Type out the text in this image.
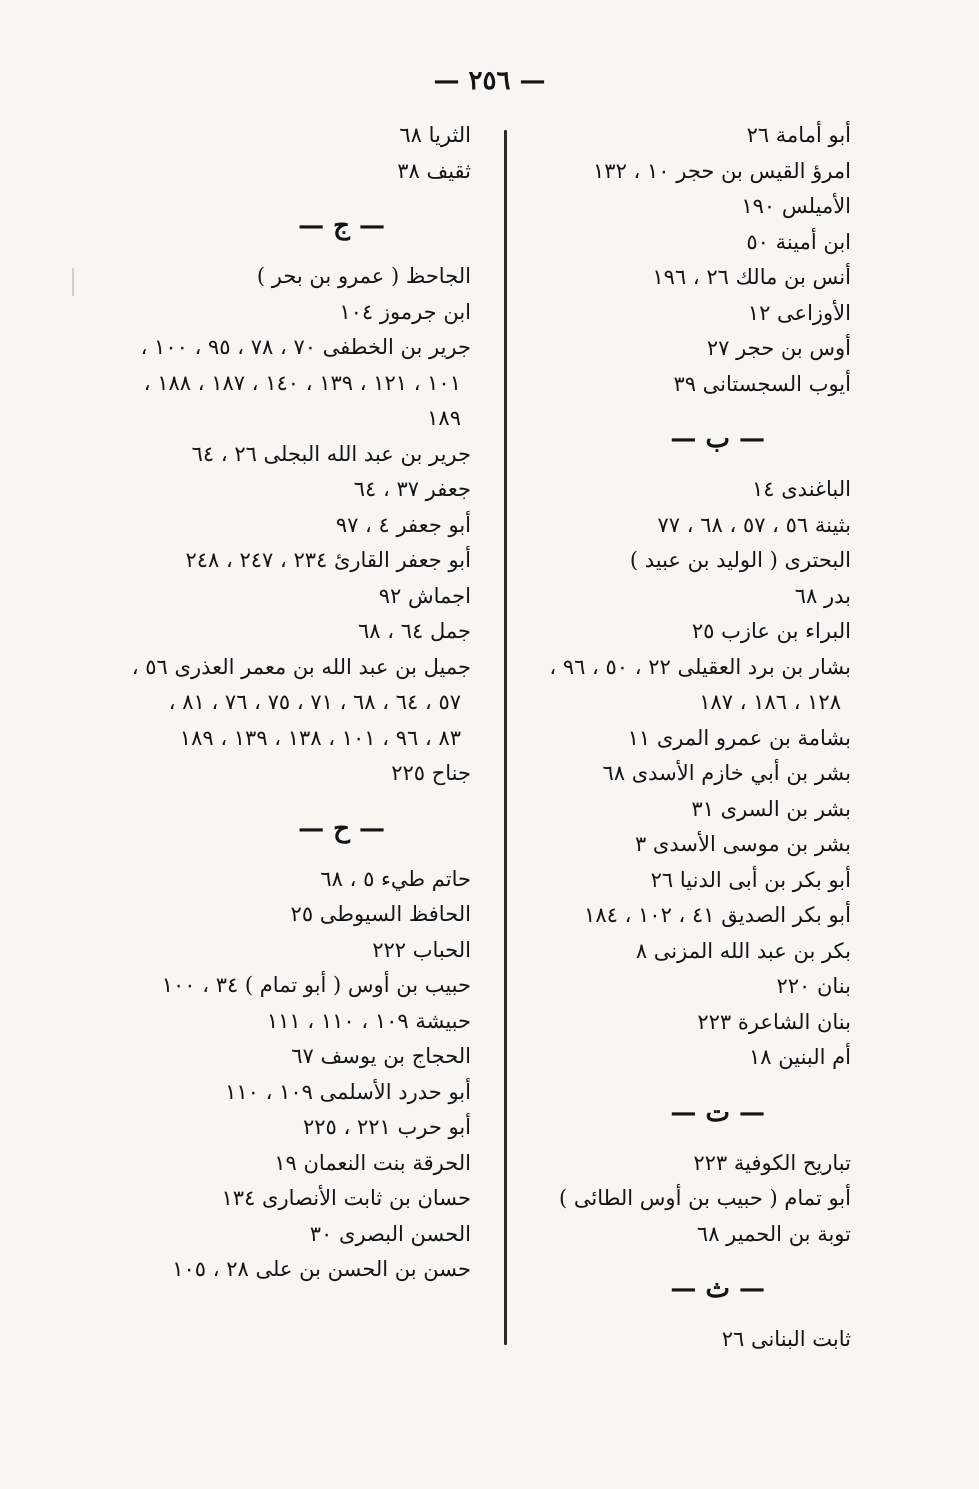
— ٢٥٦ —
أبو أمامة ٢٦
امرؤ القيس بن حجر ١٠ ، ١٣٢
الأميلس ١٩٠
ابن أمينة ٥٠
أنس بن مالك ٢٦ ، ١٩٦
الأوزاعى ١٢
أوس بن حجر ٢٧
أيوب السجستانى ٣٩
— ب —
الباغندى ١٤
بثينة ٥٦ ، ٥٧ ، ٦٨ ، ٧٧
البحترى ( الوليد بن عبيد )
بدر ٦٨
البراء بن عازب ٢٥
بشار بن برد العقيلى ٢٢ ، ٥٠ ، ٩٦ ،
١٢٨ ، ١٨٦ ، ١٨٧
بشامة بن عمرو المرى ١١
بشر بن أبي خازم الأسدى ٦٨
بشر بن السرى ٣١
بشر بن موسى الأسدى ٣
أبو بكر بن أبى الدنيا ٢٦
أبو بكر الصديق ٤١ ، ١٠٢ ، ١٨٤
بكر بن عبد الله المزنى ٨
بنان ٢٢٠
بنان الشاعرة ٢٢٣
أم البنين ١٨
— ت —
تباريح الكوفية ٢٢٣
أبو تمام ( حبيب بن أوس الطائى )
توبة بن الحمير ٦٨
— ث —
ثابت البنانى ٢٦
الثريا ٦٨
ثقيف ٣٨
— ج —
الجاحظ ( عمرو بن بحر )
ابن جرموز ١٠٤
جرير بن الخطفى ٧٠ ، ٧٨ ، ٩٥ ، ١٠٠ ،
١٠١ ، ١٢١ ، ١٣٩ ، ١٤٠ ، ١٨٧ ، ١٨٨ ،
١٨٩
جرير بن عبد الله البجلى ٢٦ ، ٦٤
جعفر ٣٧ ، ٦٤
أبو جعفر ٤ ، ٩٧
أبو جعفر القارئ ٢٣٤ ، ٢٤٧ ، ٢٤٨
اجماش ٩٢
جمل ٦٤ ، ٦٨
جميل بن عبد الله بن معمر العذرى ٥٦ ،
٥٧ ، ٦٤ ، ٦٨ ، ٧١ ، ٧٥ ، ٧٦ ، ٨١ ،
٨٣ ، ٩٦ ، ١٠١ ، ١٣٨ ، ١٣٩ ، ١٨٩
جناح ٢٢٥
— ح —
حاتم طيء ٥ ، ٦٨
الحافظ السيوطى ٢٥
الحباب ٢٢٢
حبيب بن أوس ( أبو تمام ) ٣٤ ، ١٠٠
حبيشة ١٠٩ ، ١١٠ ، ١١١
الحجاج بن يوسف ٦٧
أبو حدرد الأسلمى ١٠٩ ، ١١٠
أبو حرب ٢٢١ ، ٢٢٥
الحرقة بنت النعمان ١٩
حسان بن ثابت الأنصارى ١٣٤
الحسن البصرى ٣٠
حسن بن الحسن بن على ٢٨ ، ١٠٥
